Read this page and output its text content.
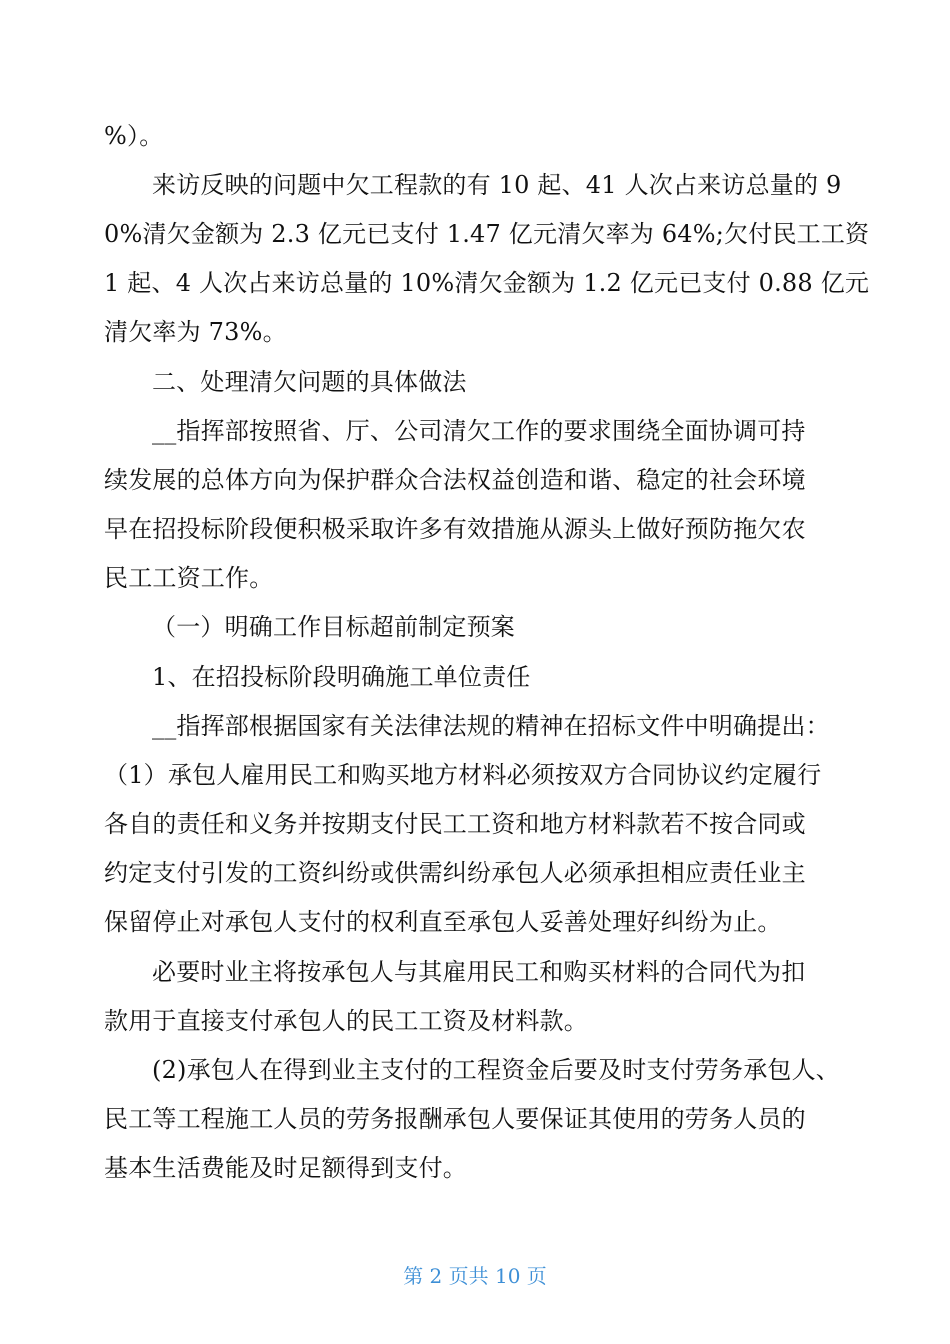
%）。
来访反映的问题中欠工程款的有 10 起、41 人次占来访总量的 9
0%清欠金额为 2.3 亿元已支付 1.47 亿元清欠率为 64%;欠付民工工资
1 起、4 人次占来访总量的 10%清欠金额为 1.2 亿元已支付 0.88 亿元
清欠率为 73%。
二、处理清欠问题的具体做法
__指挥部按照省、厅、公司清欠工作的要求围绕全面协调可持
续发展的总体方向为保护群众合法权益创造和谐、稳定的社会环境
早在招投标阶段便积极采取许多有效措施从源头上做好预防拖欠农
民工工资工作。
（一）明确工作目标超前制定预案
1、在招投标阶段明确施工单位责任
__指挥部根据国家有关法律法规的精神在招标文件中明确提出：
（1）承包人雇用民工和购买地方材料必须按双方合同协议约定履行
各自的责任和义务并按期支付民工工资和地方材料款若不按合同或
约定支付引发的工资纠纷或供需纠纷承包人必须承担相应责任业主
保留停止对承包人支付的权利直至承包人妥善处理好纠纷为止。
必要时业主将按承包人与其雇用民工和购买材料的合同代为扣
款用于直接支付承包人的民工工资及材料款。
(2)承包人在得到业主支付的工程资金后要及时支付劳务承包人、
民工等工程施工人员的劳务报酬承包人要保证其使用的劳务人员的
基本生活费能及时足额得到支付。
第 2 页共 10 页
